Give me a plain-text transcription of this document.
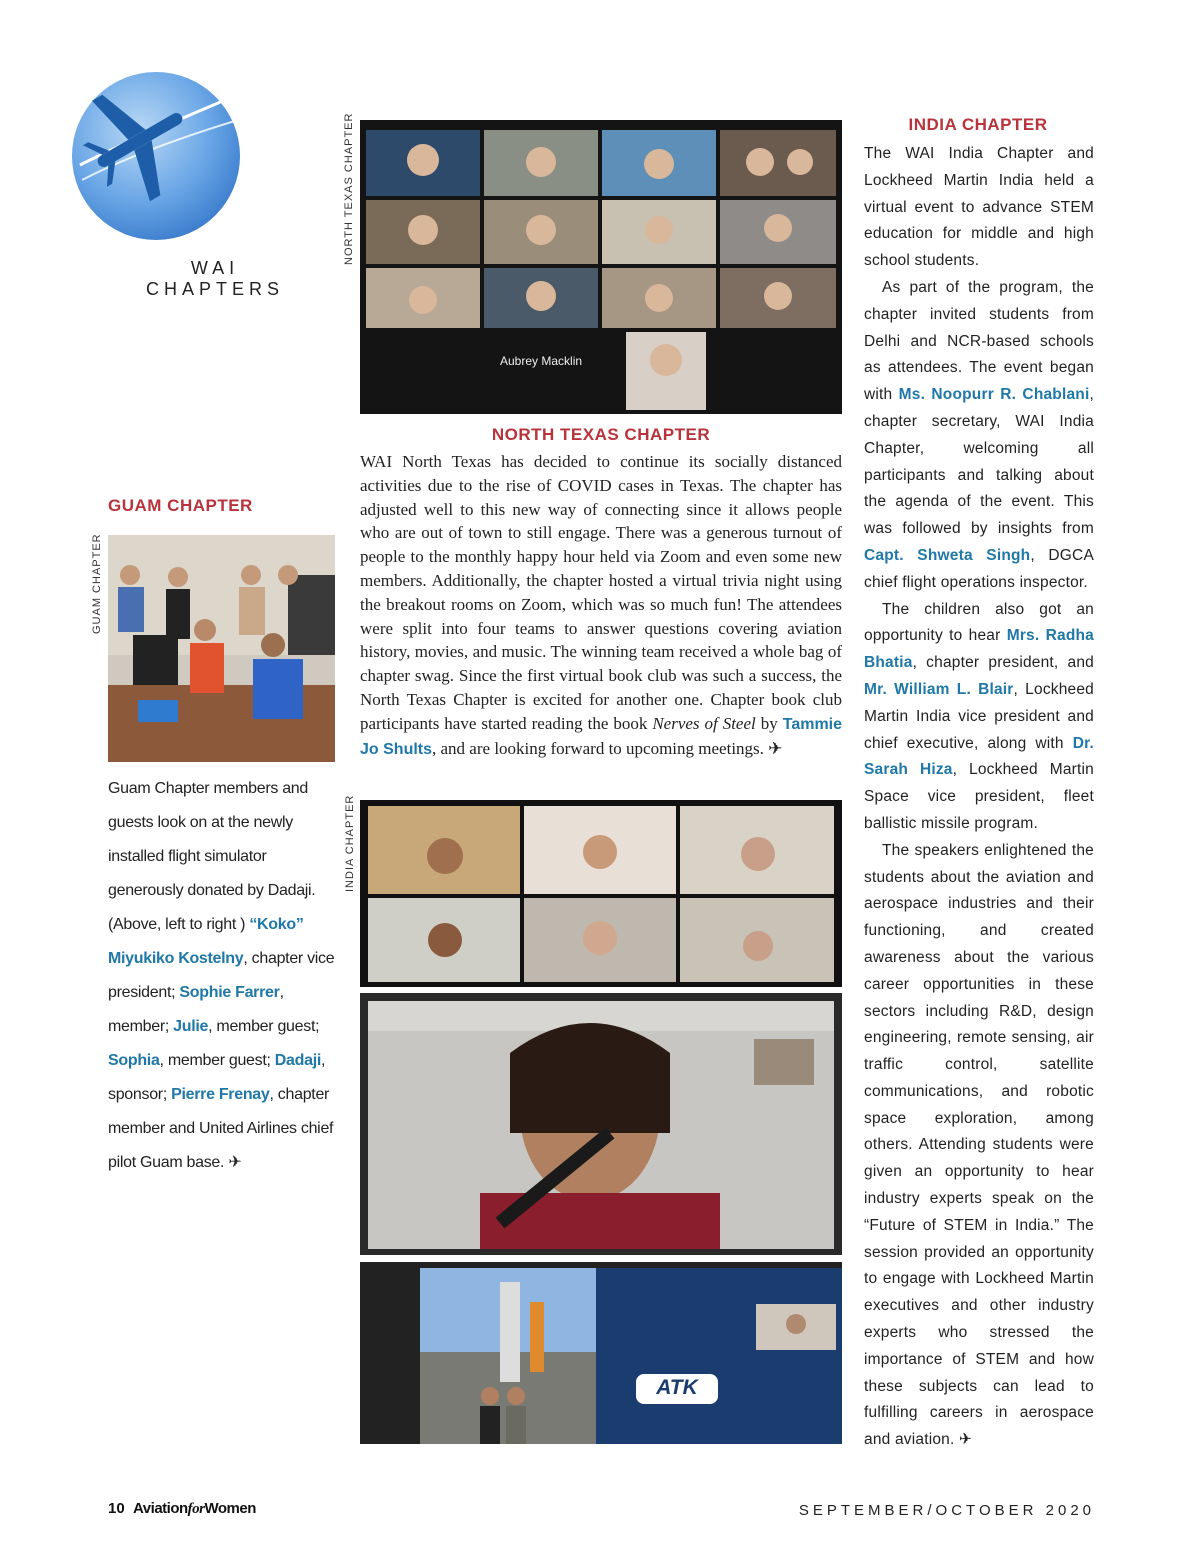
WAI
CHAPTERS
NORTH TEXAS CHAPTER
GUAM CHAPTER
INDIA CHAPTER
Aubrey Macklin
NORTH TEXAS CHAPTER
WAI North Texas has decided to continue its socially distanced activities due to the rise of COVID cases in Texas. The chapter has adjusted well to this new way of connecting since it allows people who are out of town to still engage. There was a generous turnout of people to the monthly happy hour held via Zoom and even some new members. Additionally, the chapter hosted a virtual trivia night using the breakout rooms on Zoom, which was so much fun! The attendees were split into four teams to answer questions covering aviation history, movies, and music. The winning team received a whole bag of chapter swag. Since the first virtual book club was such a success, the North Texas Chapter is excited for another one. Chapter book club participants have started reading the book Nerves of Steel by Tammie Jo Shults, and are looking forward to upcoming meetings. ✈
GUAM CHAPTER
Guam Chapter members and guests look on at the newly installed flight simulator generously donated by Dadaji. (Above, left to right ) “Koko” Miyukiko Kostelny, chapter vice president; Sophie Farrer, member; Julie, member guest; Sophia, member guest; Dadaji, sponsor; Pierre Frenay, chapter member and United Airlines chief pilot Guam base. ✈
ATK
INDIA CHAPTER

The WAI India Chapter and Lockheed Martin India held a virtual event to advance STEM education for middle and high school students.

As part of the program, the chapter invited students from Delhi and NCR-based schools as attendees. The event began with Ms. Noopurr R. Chablani, chapter secretary, WAI India Chapter, welcoming all participants and talking about the agenda of the event. This was followed by insights from Capt. Shweta Singh, DGCA chief flight operations inspector.

The children also got an opportunity to hear Mrs. Radha Bhatia, chapter president, and Mr. William L. Blair, Lockheed Martin India vice president and chief executive, along with Dr. Sarah Hiza, Lockheed Martin Space vice president, fleet ballistic missile program.

The speakers enlightened the students about the aviation and aerospace industries and their functioning, and created awareness about the various career opportunities in these sectors including R&D, design engineering, remote sensing, air traffic control, satellite communications, and robotic space exploration, among others. Attending students were given an opportunity to hear industry experts speak on the “Future of STEM in India.” The session provided an opportunity to engage with Lockheed Martin executives and other industry experts who stressed the importance of STEM and how these subjects can lead to fulfilling careers in aerospace and aviation. ✈

10 AviationforWomen	SEPTEMBER/OCTOBER 2020
